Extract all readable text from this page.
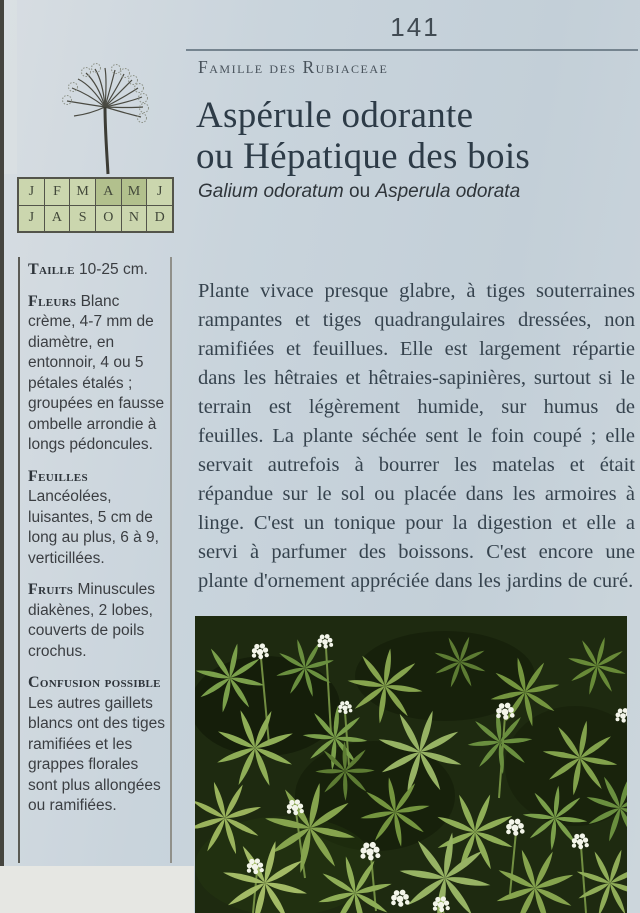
141
Famille des Rubiaceae
Aspérule odorante
ou Hépatique des bois
Galium odoratum ou Asperula odorata
J	F	M	A	M	J
J	A	S	O	N	D

Taille 10-25 cm.

Fleurs Blanc crème, 4-7 mm de diamètre, en entonnoir, 4 ou 5 pétales étalés ; groupées en fausse ombelle arrondie à longs pédoncules.

Feuilles Lancéolées, luisantes, 5 cm de long au plus, 6 à 9, verticillées.

Fruits Minuscules diakènes, 2 lobes, couverts de poils crochus.

Confusion possible Les autres gaillets blancs ont des tiges ramifiées et les grappes florales sont plus allongées ou ramifiées.

Plante vivace presque glabre, à tiges souterraines rampantes et tiges quadrangulaires dressées, non ramifiées et feuillues. Elle est largement répartie dans les hêtraies et hêtraies-sapinières, surtout si le terrain est légèrement humide, sur humus de feuilles. La plante séchée sent le foin coupé ; elle servait autrefois à bourrer les matelas et était répandue sur le sol ou placée dans les armoires à linge. C'est un tonique pour la digestion et elle a servi à parfumer des boissons. C'est encore une plante d'ornement appréciée dans les jardins de curé.
